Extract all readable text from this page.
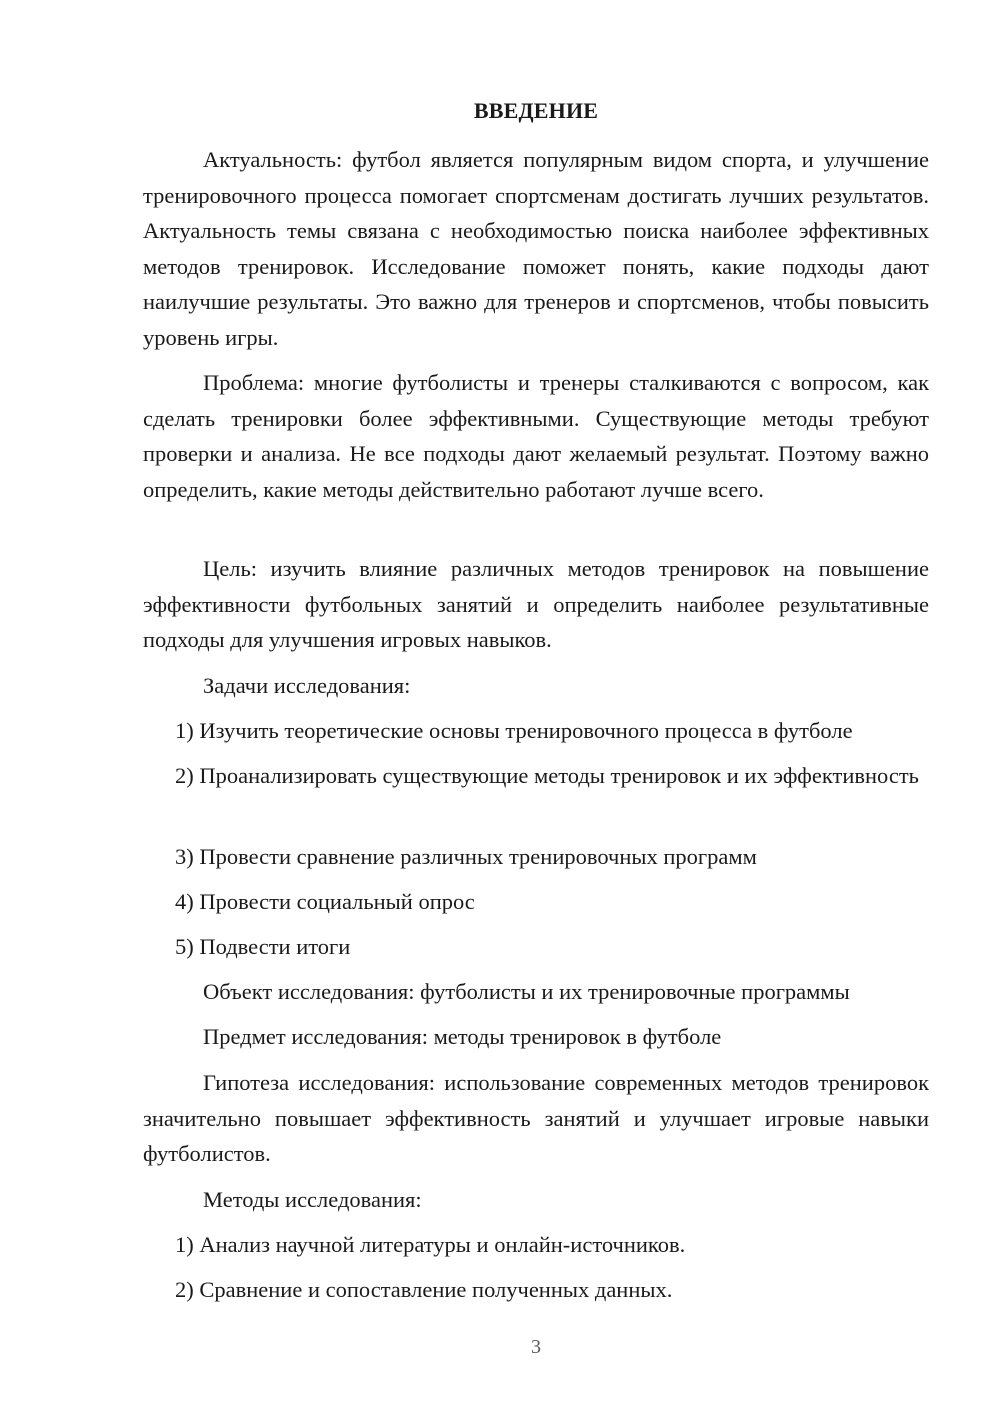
ВВЕДЕНИЕ

Актуальность: футбол является популярным видом спорта, и улучшение тренировочного процесса помогает спортсменам достигать лучших результатов. Актуальность темы связана с необходимостью поиска наиболее эффективных методов тренировок. Исследование поможет понять, какие подходы дают наилучшие результаты. Это важно для тренеров и спортсменов, чтобы повысить уровень игры.

Проблема: многие футболисты и тренеры сталкиваются с вопросом, как сделать тренировки более эффективными. Существующие методы требуют проверки и анализа. Не все подходы дают желаемый результат. Поэтому важно определить, какие методы действительно работают лучше всего.

Цель: изучить влияние различных методов тренировок на повышение эффективности футбольных занятий и определить наиболее результативные подходы для улучшения игровых навыков.

Задачи исследования:

1) Изучить теоретические основы тренировочного процесса в футболе

2) Проанализировать существующие методы тренировок и их эффективность

3) Провести сравнение различных тренировочных программ

4) Провести социальный опрос

5) Подвести итоги

Объект исследования: футболисты и их тренировочные программы

Предмет исследования: методы тренировок в футболе

Гипотеза исследования: использование современных методов тренировок значительно повышает эффективность занятий и улучшает игровые навыки футболистов.

Методы исследования:

1) Анализ научной литературы и онлайн-источников.

2) Сравнение и сопоставление полученных данных.

3
